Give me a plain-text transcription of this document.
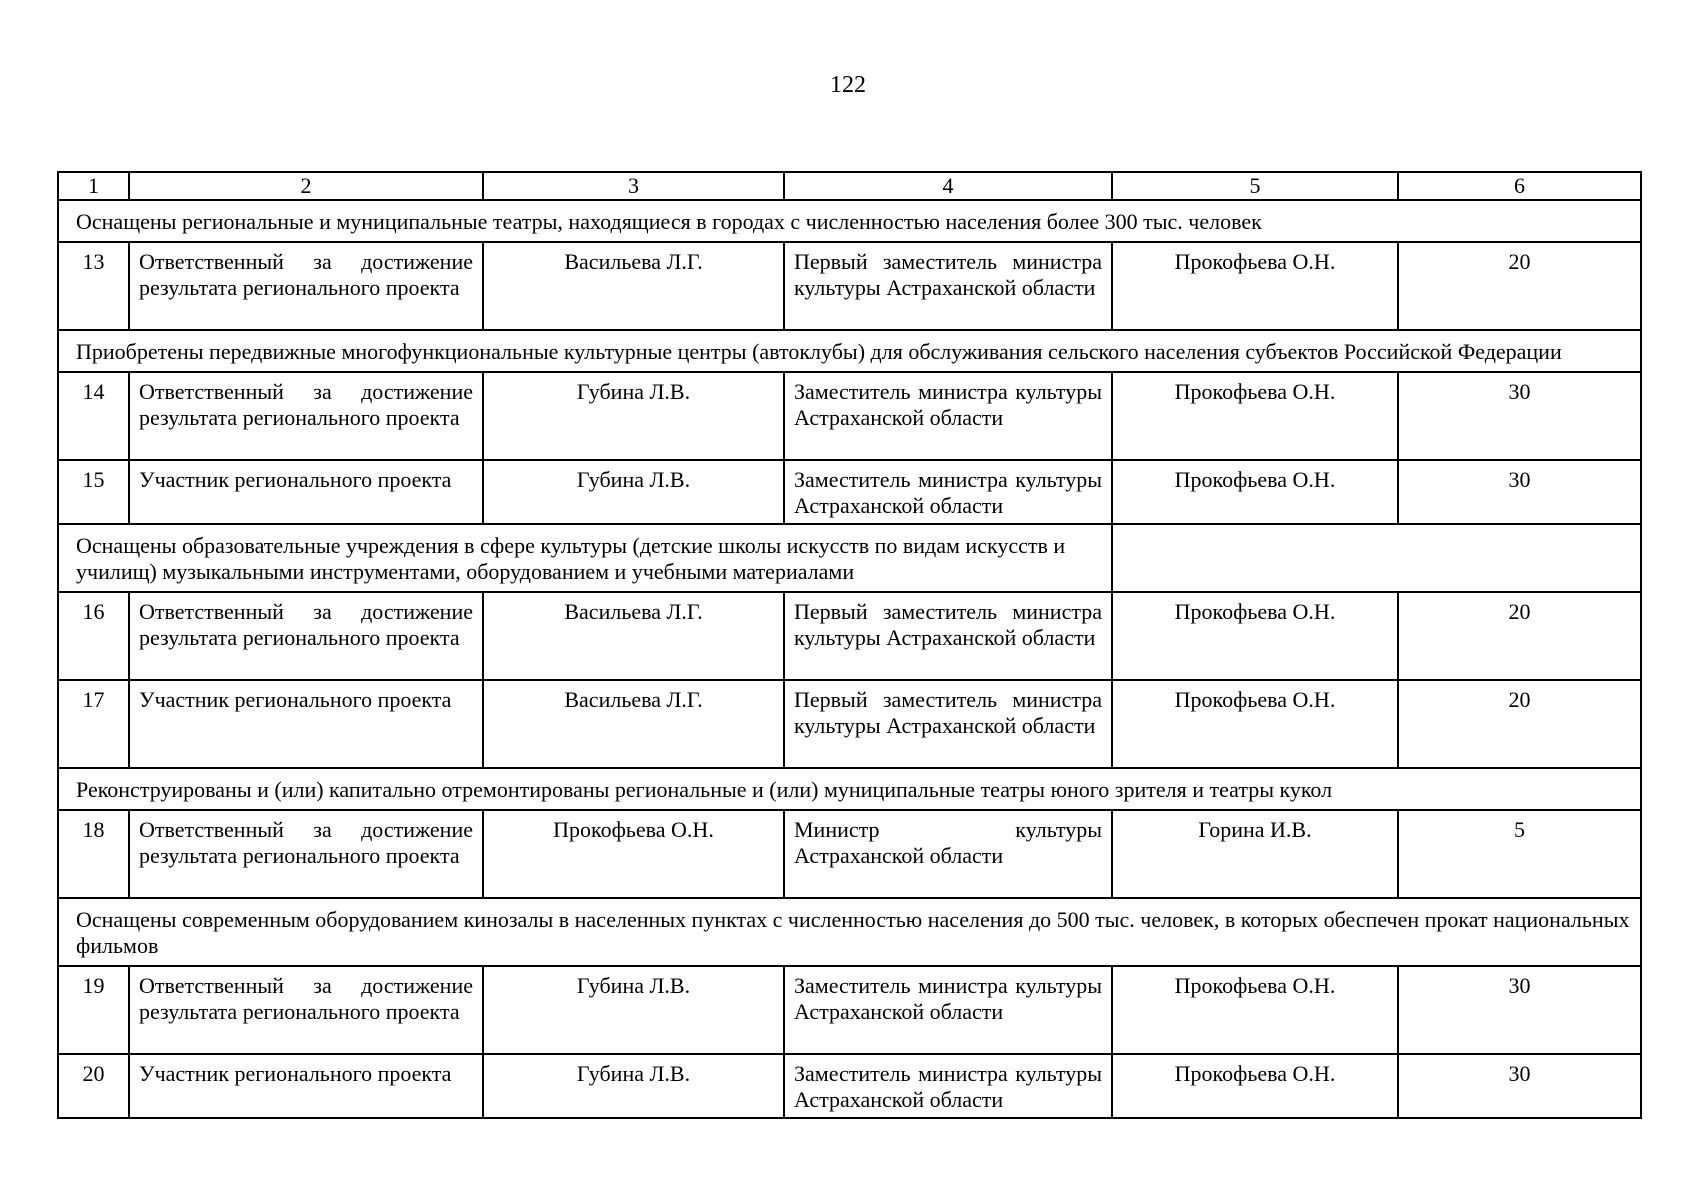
122
1	2	3	4	5	6
Оснащены региональные и муниципальные театры, находящиеся в городах с численностью населения более 300 тыс. человек					
13	Ответственный за достижение результата регионального проекта	Васильева Л.Г.	Первый заместитель министра культуры Астраханской области	Прокофьева О.Н.	20
Приобретены передвижные многофункциональные культурные центры (автоклубы) для обслуживания сельского населения субъектов Российской Федерации					
14	Ответственный за достижение результата регионального проекта	Губина Л.В.	Заместитель министра культуры Астраханской области	Прокофьева О.Н.	30
15	Участник регионального проекта	Губина Л.В.	Заместитель министра культуры Астраханской области	Прокофьева О.Н.	30
Оснащены образовательные учреждения в сфере культуры (детские школы искусств по видам искусств и училищ) музыкальными инструментами, оборудованием и учебными материалами					
16	Ответственный за достижение результата регионального проекта	Васильева Л.Г.	Первый заместитель министра культуры Астраханской области	Прокофьева О.Н.	20
17	Участник регионального проекта	Васильева Л.Г.	Первый заместитель министра культуры Астраханской области	Прокофьева О.Н.	20
Реконструированы и (или) капитально отремонтированы региональные и (или) муниципальные театры юного зрителя и театры кукол					
18	Ответственный за достижение результата регионального проекта	Прокофьева О.Н.	Министр культуры Астраханской области	Горина И.В.	5
Оснащены современным оборудованием кинозалы в населенных пунктах с численностью населения до 500 тыс. человек, в которых обеспечен прокат национальных фильмов					
19	Ответственный за достижение результата регионального проекта	Губина Л.В.	Заместитель министра культуры Астраханской области	Прокофьева О.Н.	30
20	Участник регионального проекта	Губина Л.В.	Заместитель министра культуры Астраханской области	Прокофьева О.Н.	30
